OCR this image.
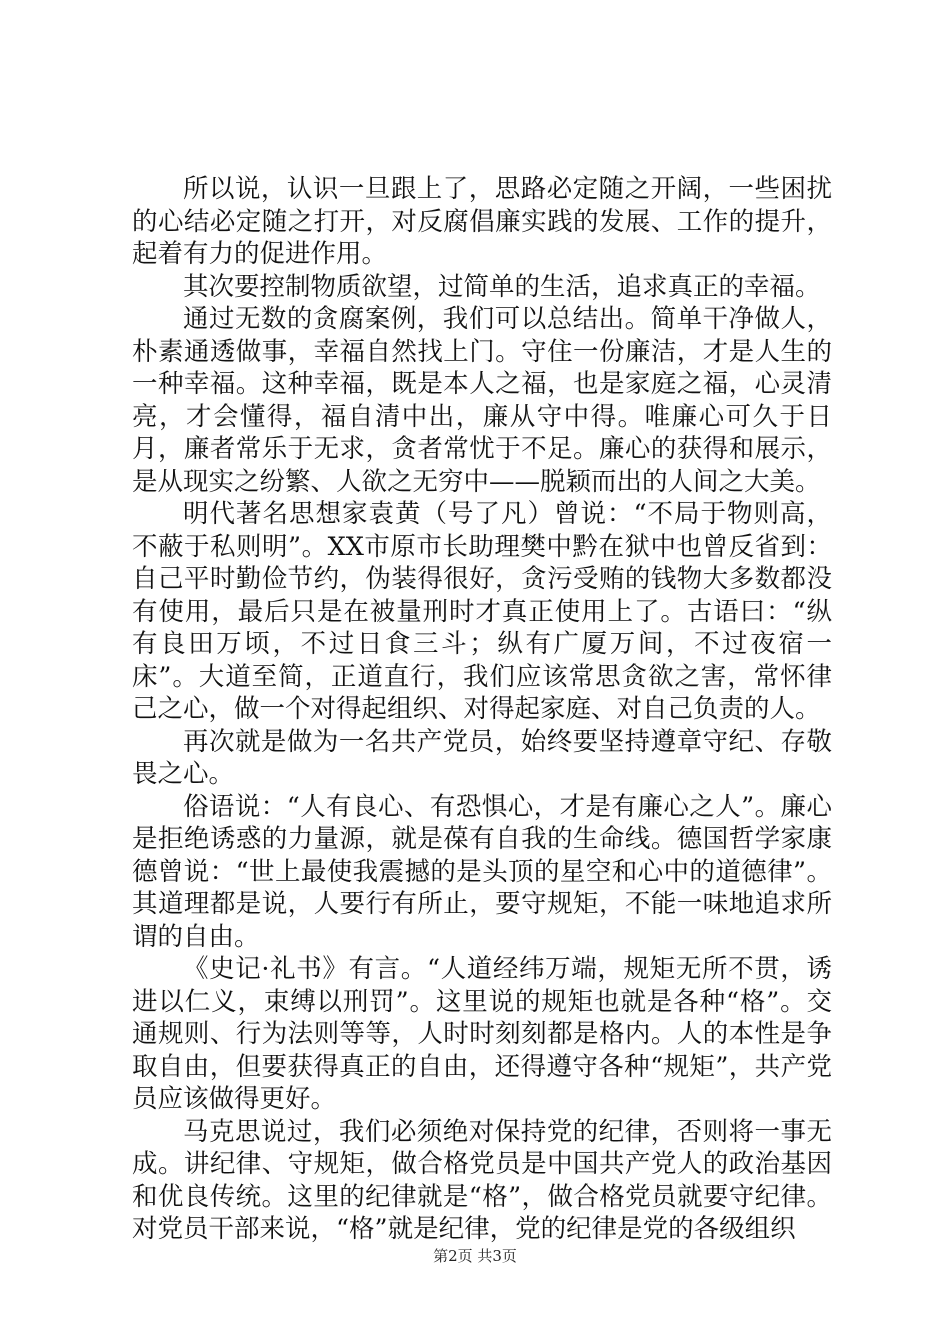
所以说，认识一旦跟上了，思路必定随之开阔，一些困扰的心结必定随之打开，对反腐倡廉实践的发展、工作的提升，起着有力的促进作用。

其次要控制物质欲望，过简单的生活，追求真正的幸福。

通过无数的贪腐案例，我们可以总结出。简单干净做人，朴素通透做事，幸福自然找上门。守住一份廉洁，才是人生的一种幸福。这种幸福，既是本人之福，也是家庭之福，心灵清亮，才会懂得，福自清中出，廉从守中得。唯廉心可久于日月，廉者常乐于无求，贪者常忧于不足。廉心的获得和展示，是从现实之纷繁、人欲之无穷中——脱颖而出的人间之大美。

明代著名思想家袁黄（号了凡）曾说：“不局于物则高，不蔽于私则明”。XX市原市长助理樊中黔在狱中也曾反省到：自己平时勤俭节约，伪装得很好，贪污受贿的钱物大多数都没有使用，最后只是在被量刑时才真正使用上了。古语曰：“纵有良田万顷，不过日食三斗；纵有广厦万间，不过夜宿一床”。大道至简，正道直行，我们应该常思贪欲之害，常怀律己之心，做一个对得起组织、对得起家庭、对自己负责的人。

再次就是做为一名共产党员，始终要坚持遵章守纪、存敬畏之心。

俗语说：“人有良心、有恐惧心，才是有廉心之人”。廉心是拒绝诱惑的力量源，就是葆有自我的生命线。德国哲学家康德曾说：“世上最使我震撼的是头顶的星空和心中的道德律”。其道理都是说，人要行有所止，要守规矩，不能一味地追求所谓的自由。

《史记·礼书》有言。“人道经纬万端，规矩无所不贯，诱进以仁义，束缚以刑罚”。这里说的规矩也就是各种“格”。交通规则、行为法则等等，人时时刻刻都是格内。人的本性是争取自由，但要获得真正的自由，还得遵守各种“规矩”，共产党员应该做得更好。

马克思说过，我们必须绝对保持党的纪律，否则将一事无成。讲纪律、守规矩，做合格党员是中国共产党人的政治基因和优良传统。这里的纪律就是“格”，做合格党员就要守纪律。对党员干部来说，“格”就是纪律，党的纪律是党的各级组织

第2页 共3页
